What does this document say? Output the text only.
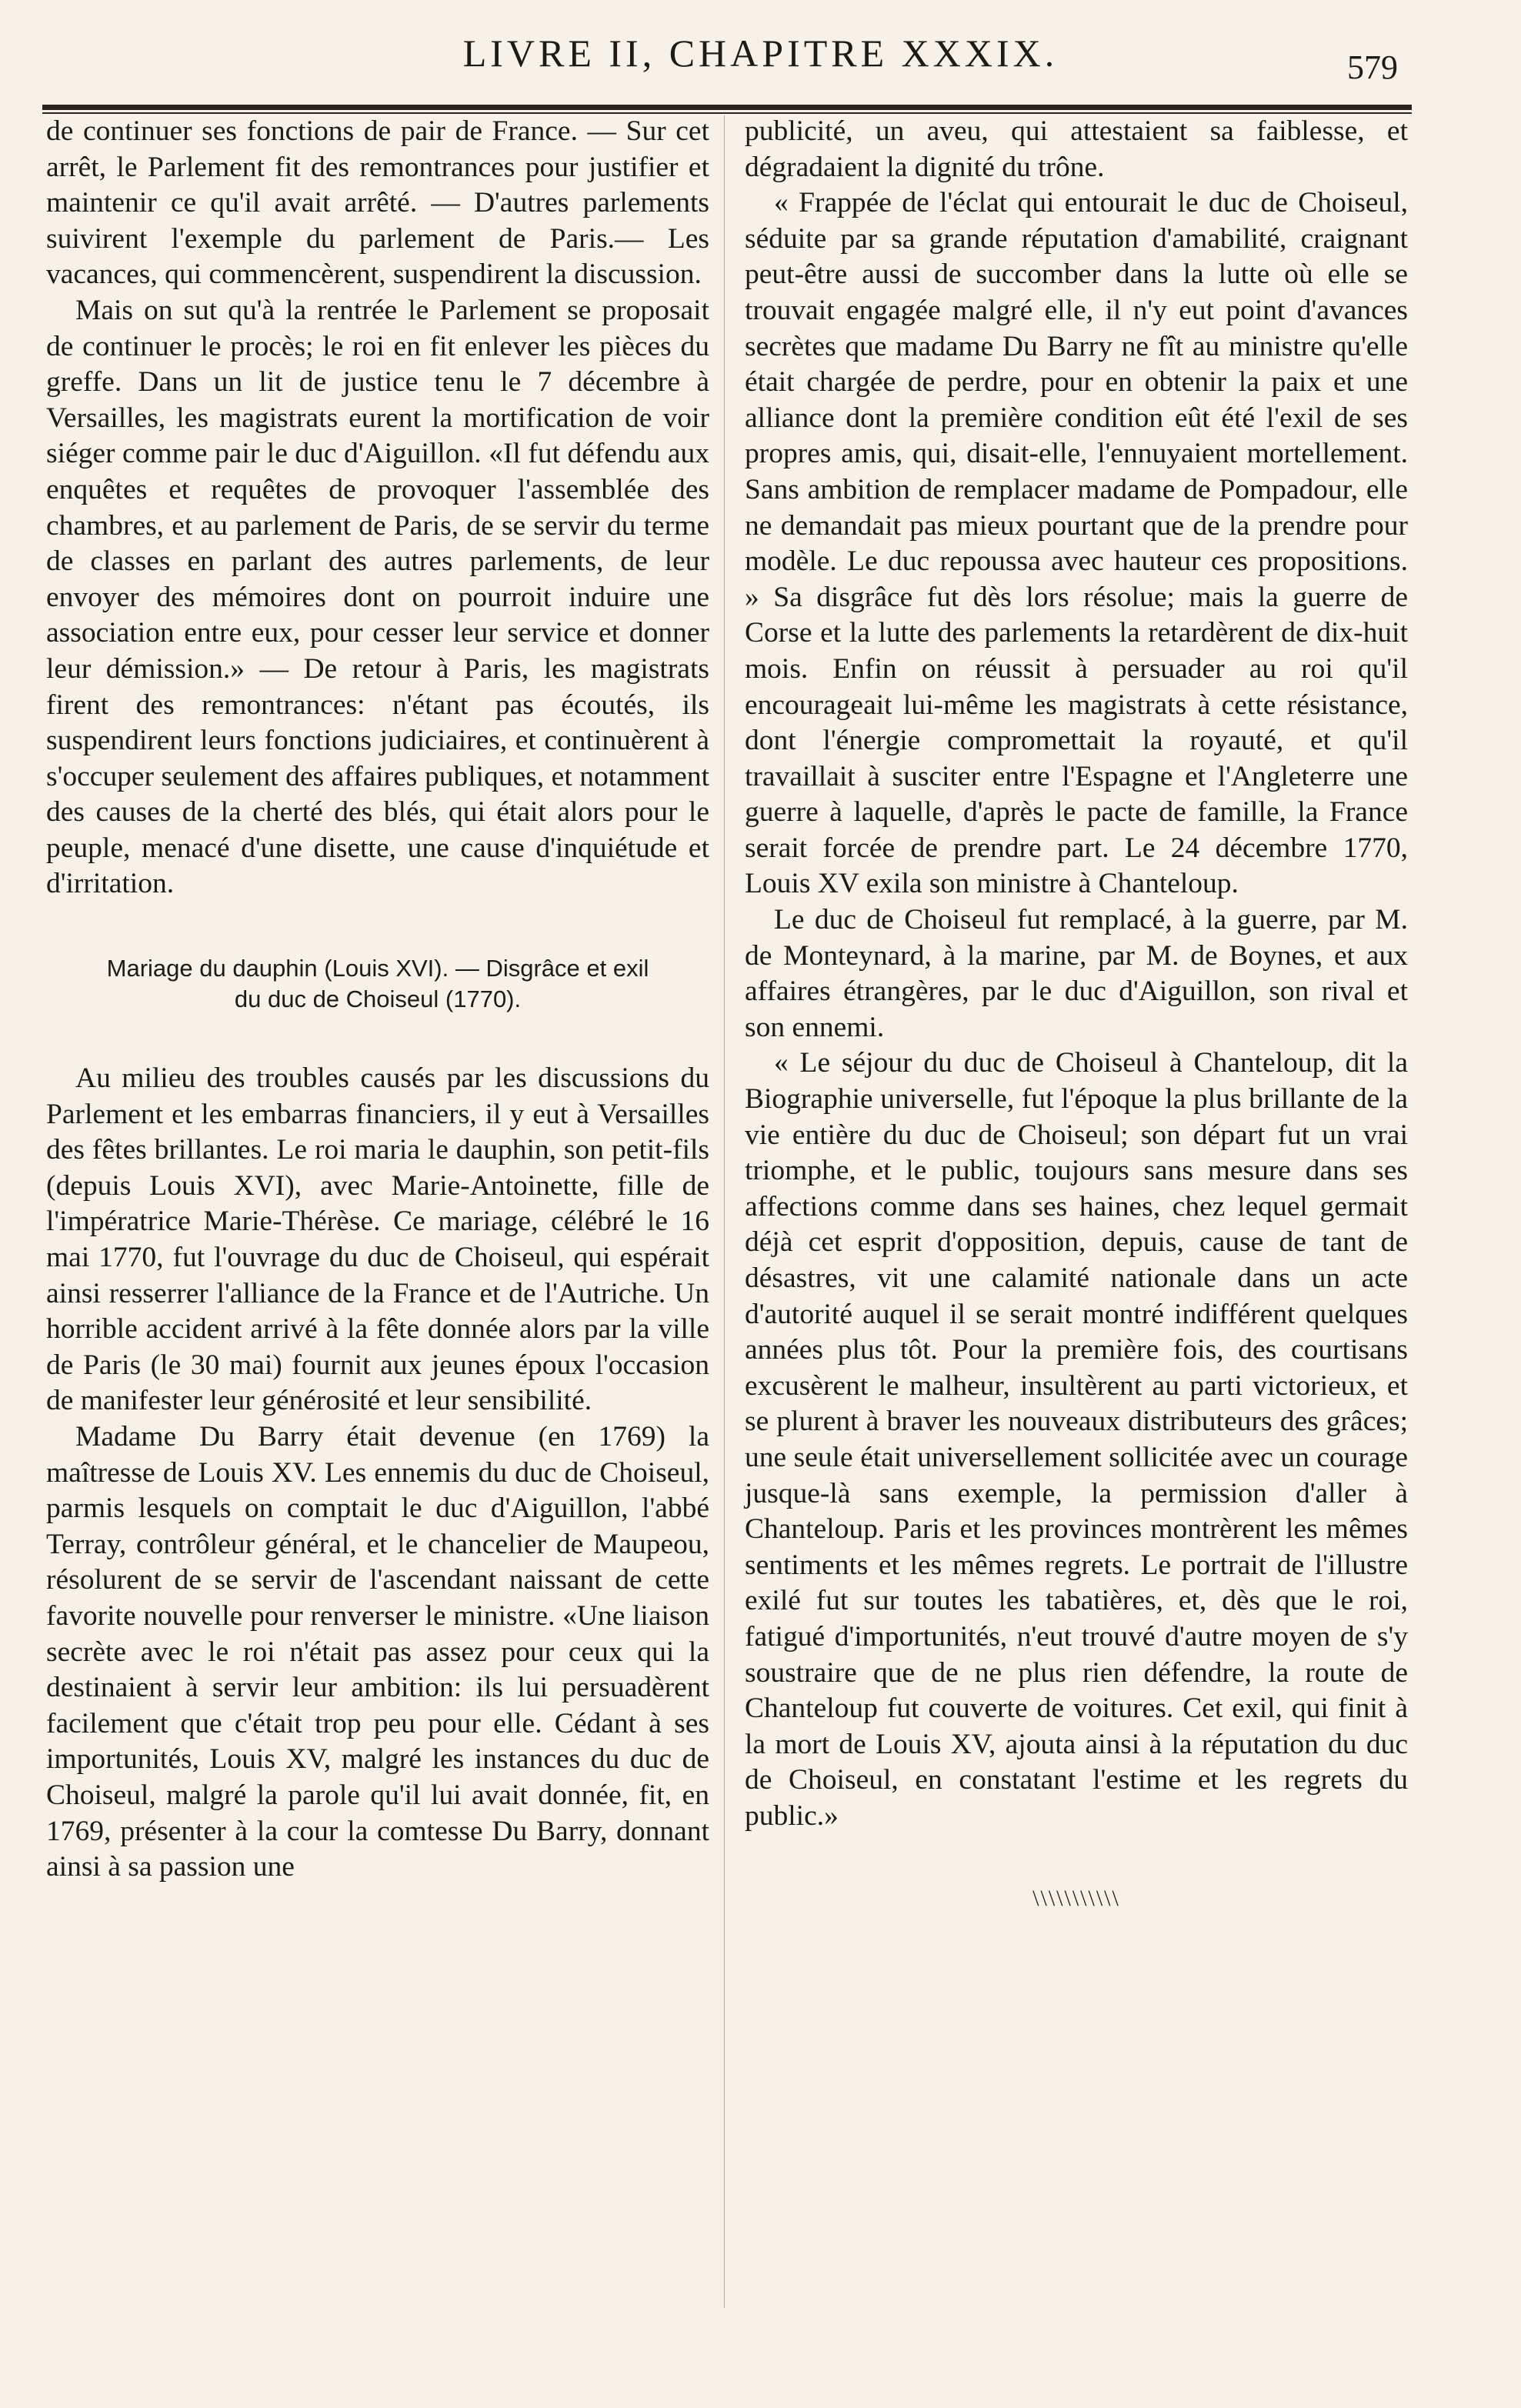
LIVRE II, CHAPITRE XXXIX.	579

de continuer ses fonctions de pair de France. — Sur cet arrêt, le Parlement fit des remontrances pour justifier et maintenir ce qu'il avait arrêté. — D'autres parlements suivirent l'exemple du parlement de Paris.— Les vacances, qui commencèrent, suspendirent la discussion.

Mais on sut qu'à la rentrée le Parlement se proposait de continuer le procès; le roi en fit enlever les pièces du greffe. Dans un lit de justice tenu le 7 décembre à Versailles, les magistrats eurent la mortification de voir siéger comme pair le duc d'Aiguillon. «Il fut défendu aux enquêtes et requêtes de provoquer l'assemblée des chambres, et au parlement de Paris, de se servir du terme de classes en parlant des autres parlements, de leur envoyer des mémoires dont on pourroit induire une association entre eux, pour cesser leur service et donner leur démission.» — De retour à Paris, les magistrats firent des remontrances: n'étant pas écoutés, ils suspendirent leurs fonctions judiciaires, et continuèrent à s'occuper seulement des affaires publiques, et notamment des causes de la cherté des blés, qui était alors pour le peuple, menacé d'une disette, une cause d'inquiétude et d'irritation.

Mariage du dauphin (Louis XVI). — Disgrâce et exil
du duc de Choiseul (1770).

Au milieu des troubles causés par les discussions du Parlement et les embarras financiers, il y eut à Versailles des fêtes brillantes. Le roi maria le dauphin, son petit-fils (depuis Louis XVI), avec Marie-Antoinette, fille de l'impératrice Marie-Thérèse. Ce mariage, célébré le 16 mai 1770, fut l'ouvrage du duc de Choiseul, qui espérait ainsi resserrer l'alliance de la France et de l'Autriche. Un horrible accident arrivé à la fête donnée alors par la ville de Paris (le 30 mai) fournit aux jeunes époux l'occasion de manifester leur générosité et leur sensibilité.

Madame Du Barry était devenue (en 1769) la maîtresse de Louis XV. Les ennemis du duc de Choiseul, parmis lesquels on comptait le duc d'Aiguillon, l'abbé Terray, contrôleur général, et le chancelier de Maupeou, résolurent de se servir de l'ascendant naissant de cette favorite nouvelle pour renverser le ministre. «Une liaison secrète avec le roi n'était pas assez pour ceux qui la destinaient à servir leur ambition: ils lui persuadèrent facilement que c'était trop peu pour elle. Cédant à ses importunités, Louis XV, malgré les instances du duc de Choiseul, malgré la parole qu'il lui avait donnée, fit, en 1769, présenter à la cour la comtesse Du Barry, donnant ainsi à sa passion une

publicité, un aveu, qui attestaient sa faiblesse, et dégradaient la dignité du trône.

« Frappée de l'éclat qui entourait le duc de Choiseul, séduite par sa grande réputation d'amabilité, craignant peut-être aussi de succomber dans la lutte où elle se trouvait engagée malgré elle, il n'y eut point d'avances secrètes que madame Du Barry ne fît au ministre qu'elle était chargée de perdre, pour en obtenir la paix et une alliance dont la première condition eût été l'exil de ses propres amis, qui, disait-elle, l'ennuyaient mortellement. Sans ambition de remplacer madame de Pompadour, elle ne demandait pas mieux pourtant que de la prendre pour modèle. Le duc repoussa avec hauteur ces propositions. » Sa disgrâce fut dès lors résolue; mais la guerre de Corse et la lutte des parlements la retardèrent de dix-huit mois. Enfin on réussit à persuader au roi qu'il encourageait lui-même les magistrats à cette résistance, dont l'énergie compromettait la royauté, et qu'il travaillait à susciter entre l'Espagne et l'Angleterre une guerre à laquelle, d'après le pacte de famille, la France serait forcée de prendre part. Le 24 décembre 1770, Louis XV exila son ministre à Chanteloup.

Le duc de Choiseul fut remplacé, à la guerre, par M. de Monteynard, à la marine, par M. de Boynes, et aux affaires étrangères, par le duc d'Aiguillon, son rival et son ennemi.

« Le séjour du duc de Choiseul à Chanteloup, dit la Biographie universelle, fut l'époque la plus brillante de la vie entière du duc de Choiseul; son départ fut un vrai triomphe, et le public, toujours sans mesure dans ses affections comme dans ses haines, chez lequel germait déjà cet esprit d'opposition, depuis, cause de tant de désastres, vit une calamité nationale dans un acte d'autorité auquel il se serait montré indifférent quelques années plus tôt. Pour la première fois, des courtisans excusèrent le malheur, insultèrent au parti victorieux, et se plurent à braver les nouveaux distributeurs des grâces; une seule était universellement sollicitée avec un courage jusque-là sans exemple, la permission d'aller à Chanteloup. Paris et les provinces montrèrent les mêmes sentiments et les mêmes regrets. Le portrait de l'illustre exilé fut sur toutes les tabatières, et, dès que le roi, fatigué d'importunités, n'eut trouvé d'autre moyen de s'y soustraire que de ne plus rien défendre, la route de Chanteloup fut couverte de voitures. Cet exil, qui finit à la mort de Louis XV, ajouta ainsi à la réputation du duc de Choiseul, en constatant l'estime et les regrets du public.»

\\\\\\\\\\\
